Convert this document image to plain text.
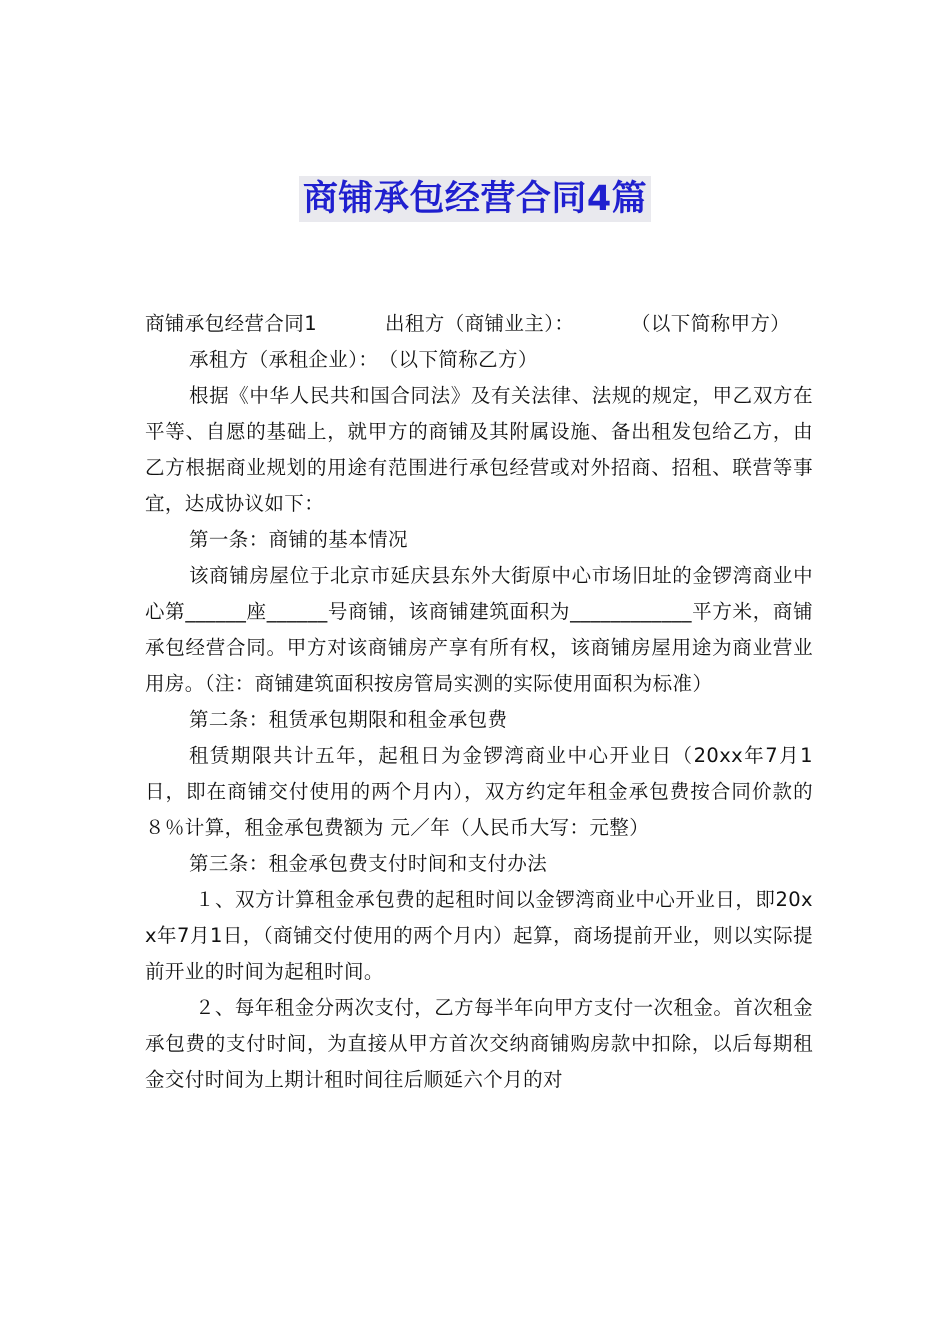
商铺承包经营合同4篇
商铺承包经营合同1	出租方（商铺业主）：	（以下简称甲方）

承租方（承租企业）：　（以下简称乙方）

根据《中华人民共和国合同法》及有关法律、法规的规定，甲乙双方在平等、自愿的基础上，就甲方的商铺及其附属设施、备出租发包给乙方，由乙方根据商业规划的用途有范围进行承包经营或对外招商、招租、联营等事宜，达成协议如下：

第一条：商铺的基本情况

该商铺房屋位于北京市延庆县东外大街原中心市场旧址的金锣湾商业中心第______座______号商铺，该商铺建筑面积为____________平方米，商铺承包经营合同。甲方对该商铺房产享有所有权，该商铺房屋用途为商业营业用房。（注：商铺建筑面积按房管局实测的实际使用面积为标准）

第二条：租赁承包期限和租金承包费

租赁期限共计五年，起租日为金锣湾商业中心开业日（20xx年7月1日，即在商铺交付使用的两个月内），双方约定年租金承包费按合同价款的８％计算，租金承包费额为 元／年（人民币大写：元整）

第三条：租金承包费支付时间和支付办法

１、双方计算租金承包费的起租时间以金锣湾商业中心开业日，即20xx年7月1日，（商铺交付使用的两个月内）起算，商场提前开业，则以实际提前开业的时间为起租时间。

２、每年租金分两次支付，乙方每半年向甲方支付一次租金。首次租金承包费的支付时间，为直接从甲方首次交纳商铺购房款中扣除，以后每期租金交付时间为上期计租时间往后顺延六个月的对
